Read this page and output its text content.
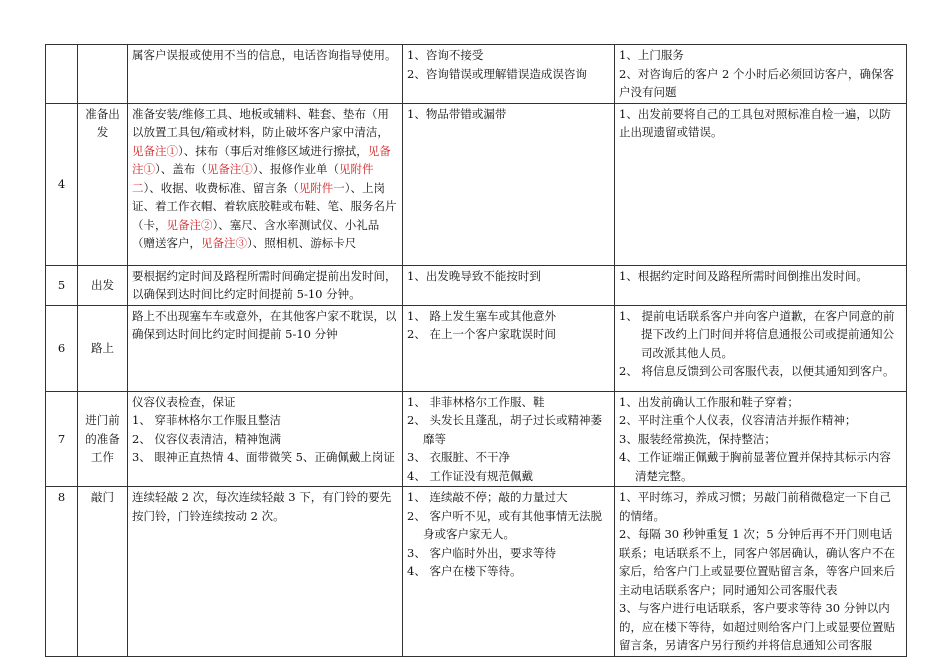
		属客户误报或使用不当的信息，电话咨询指导使用。	1、咨询不接受
2、咨询错误或理解错误造成误咨询	1、上门服务
2、对咨询后的客户 2 个小时后必须回访客户，确保客户没有问题

4	准备出发	准备安装/维修工具、地板或辅料、鞋套、垫布（用以放置工具包/箱或材料，防止破坏客户家中清洁，见备注①）、抹布（事后对维修区域进行擦拭，见备注①）、盖布（见备注①）、报修作业单（见附件二）、收据、收费标准、留言条（见附件一）、上岗证、着工作衣帽、着软底胶鞋或布鞋、笔、服务名片（卡，见备注②）、塞尺、含水率测试仪、小礼品（赠送客户，见备注③）、照相机、游标卡尺	1、物品带错或漏带	1、出发前要将自己的工具包对照标准自检一遍，以防止出现遗留或错误。

5	出发	要根据约定时间及路程所需时间确定提前出发时间，以确保到达时间比约定时间提前 5-10 分钟。	1、出发晚导致不能按时到	1、根据约定时间及路程所需时间倒推出发时间。

6	路上	路上不出现塞车车或意外，在其他客户家不耽误，以确保到达时间比约定时间提前 5-10 分钟	1、 路上发生塞车或其他意外
2、 在上一个客户家耽误时间	1、 提前电话联系客户并向客户道歉，在客户同意的前提下改约上门时间并将信息通报公司或提前通知公司改派其他人员。
2、 将信息反馈到公司客服代表，以便其通知到客户。

7	进门前的准备工作	仪容仪表检查，保证
1、 穿菲林格尔工作服且整洁
2、 仪容仪表清洁，精神饱满
3、 眼神正直热情 4、面带微笑 5、正确佩戴上岗证	1、 非菲林格尔工作服、鞋
2、 头发长且蓬乱，胡子过长或精神萎靡等
3、 衣服脏、不干净
4、 工作证没有规范佩戴	1、出发前确认工作服和鞋子穿着；
2、平时注重个人仪表，仪容清洁并振作精神；
3、服装经常换洗，保持整洁；
4、工作证端正佩戴于胸前显著位置并保持其标示内容清楚完整。

8	敲门	连续轻敲 2 次，每次连续轻敲 3 下，有门铃的要先按门铃，门铃连续按动 2 次。	1、 连续敲不停；敲的力量过大
2、 客户听不见，或有其他事情无法脱身或客户家无人。
3、 客户临时外出，要求等待
4、 客户在楼下等待。	1、平时练习，养成习惯；另敲门前稍微稳定一下自己的情绪。
2、每隔 30 秒钟重复 1 次；5 分钟后再不开门则电话联系；电话联系不上，同客户邻居确认，确认客户不在家后，给客户门上或显要位置贴留言条，等客户回来后主动电话联系客户；同时通知公司客服代表
3、与客户进行电话联系，客户要求等待 30 分钟以内的，应在楼下等待，如超过则给客户门上或显要位置贴留言条，另请客户另行预约并将信息通知公司客服
